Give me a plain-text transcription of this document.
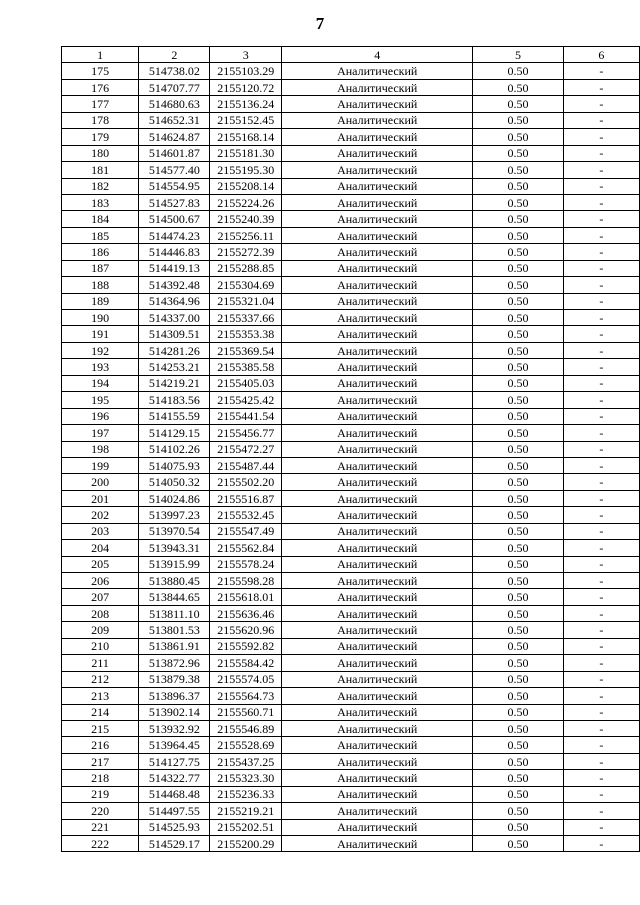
7
1	2	3	4	5	6
175	514738.02	2155103.29	Аналитический	0.50	-
176	514707.77	2155120.72	Аналитический	0.50	-
177	514680.63	2155136.24	Аналитический	0.50	-
178	514652.31	2155152.45	Аналитический	0.50	-
179	514624.87	2155168.14	Аналитический	0.50	-
180	514601.87	2155181.30	Аналитический	0.50	-
181	514577.40	2155195.30	Аналитический	0.50	-
182	514554.95	2155208.14	Аналитический	0.50	-
183	514527.83	2155224.26	Аналитический	0.50	-
184	514500.67	2155240.39	Аналитический	0.50	-
185	514474.23	2155256.11	Аналитический	0.50	-
186	514446.83	2155272.39	Аналитический	0.50	-
187	514419.13	2155288.85	Аналитический	0.50	-
188	514392.48	2155304.69	Аналитический	0.50	-
189	514364.96	2155321.04	Аналитический	0.50	-
190	514337.00	2155337.66	Аналитический	0.50	-
191	514309.51	2155353.38	Аналитический	0.50	-
192	514281.26	2155369.54	Аналитический	0.50	-
193	514253.21	2155385.58	Аналитический	0.50	-
194	514219.21	2155405.03	Аналитический	0.50	-
195	514183.56	2155425.42	Аналитический	0.50	-
196	514155.59	2155441.54	Аналитический	0.50	-
197	514129.15	2155456.77	Аналитический	0.50	-
198	514102.26	2155472.27	Аналитический	0.50	-
199	514075.93	2155487.44	Аналитический	0.50	-
200	514050.32	2155502.20	Аналитический	0.50	-
201	514024.86	2155516.87	Аналитический	0.50	-
202	513997.23	2155532.45	Аналитический	0.50	-
203	513970.54	2155547.49	Аналитический	0.50	-
204	513943.31	2155562.84	Аналитический	0.50	-
205	513915.99	2155578.24	Аналитический	0.50	-
206	513880.45	2155598.28	Аналитический	0.50	-
207	513844.65	2155618.01	Аналитический	0.50	-
208	513811.10	2155636.46	Аналитический	0.50	-
209	513801.53	2155620.96	Аналитический	0.50	-
210	513861.91	2155592.82	Аналитический	0.50	-
211	513872.96	2155584.42	Аналитический	0.50	-
212	513879.38	2155574.05	Аналитический	0.50	-
213	513896.37	2155564.73	Аналитический	0.50	-
214	513902.14	2155560.71	Аналитический	0.50	-
215	513932.92	2155546.89	Аналитический	0.50	-
216	513964.45	2155528.69	Аналитический	0.50	-
217	514127.75	2155437.25	Аналитический	0.50	-
218	514322.77	2155323.30	Аналитический	0.50	-
219	514468.48	2155236.33	Аналитический	0.50	-
220	514497.55	2155219.21	Аналитический	0.50	-
221	514525.93	2155202.51	Аналитический	0.50	-
222	514529.17	2155200.29	Аналитический	0.50	-
